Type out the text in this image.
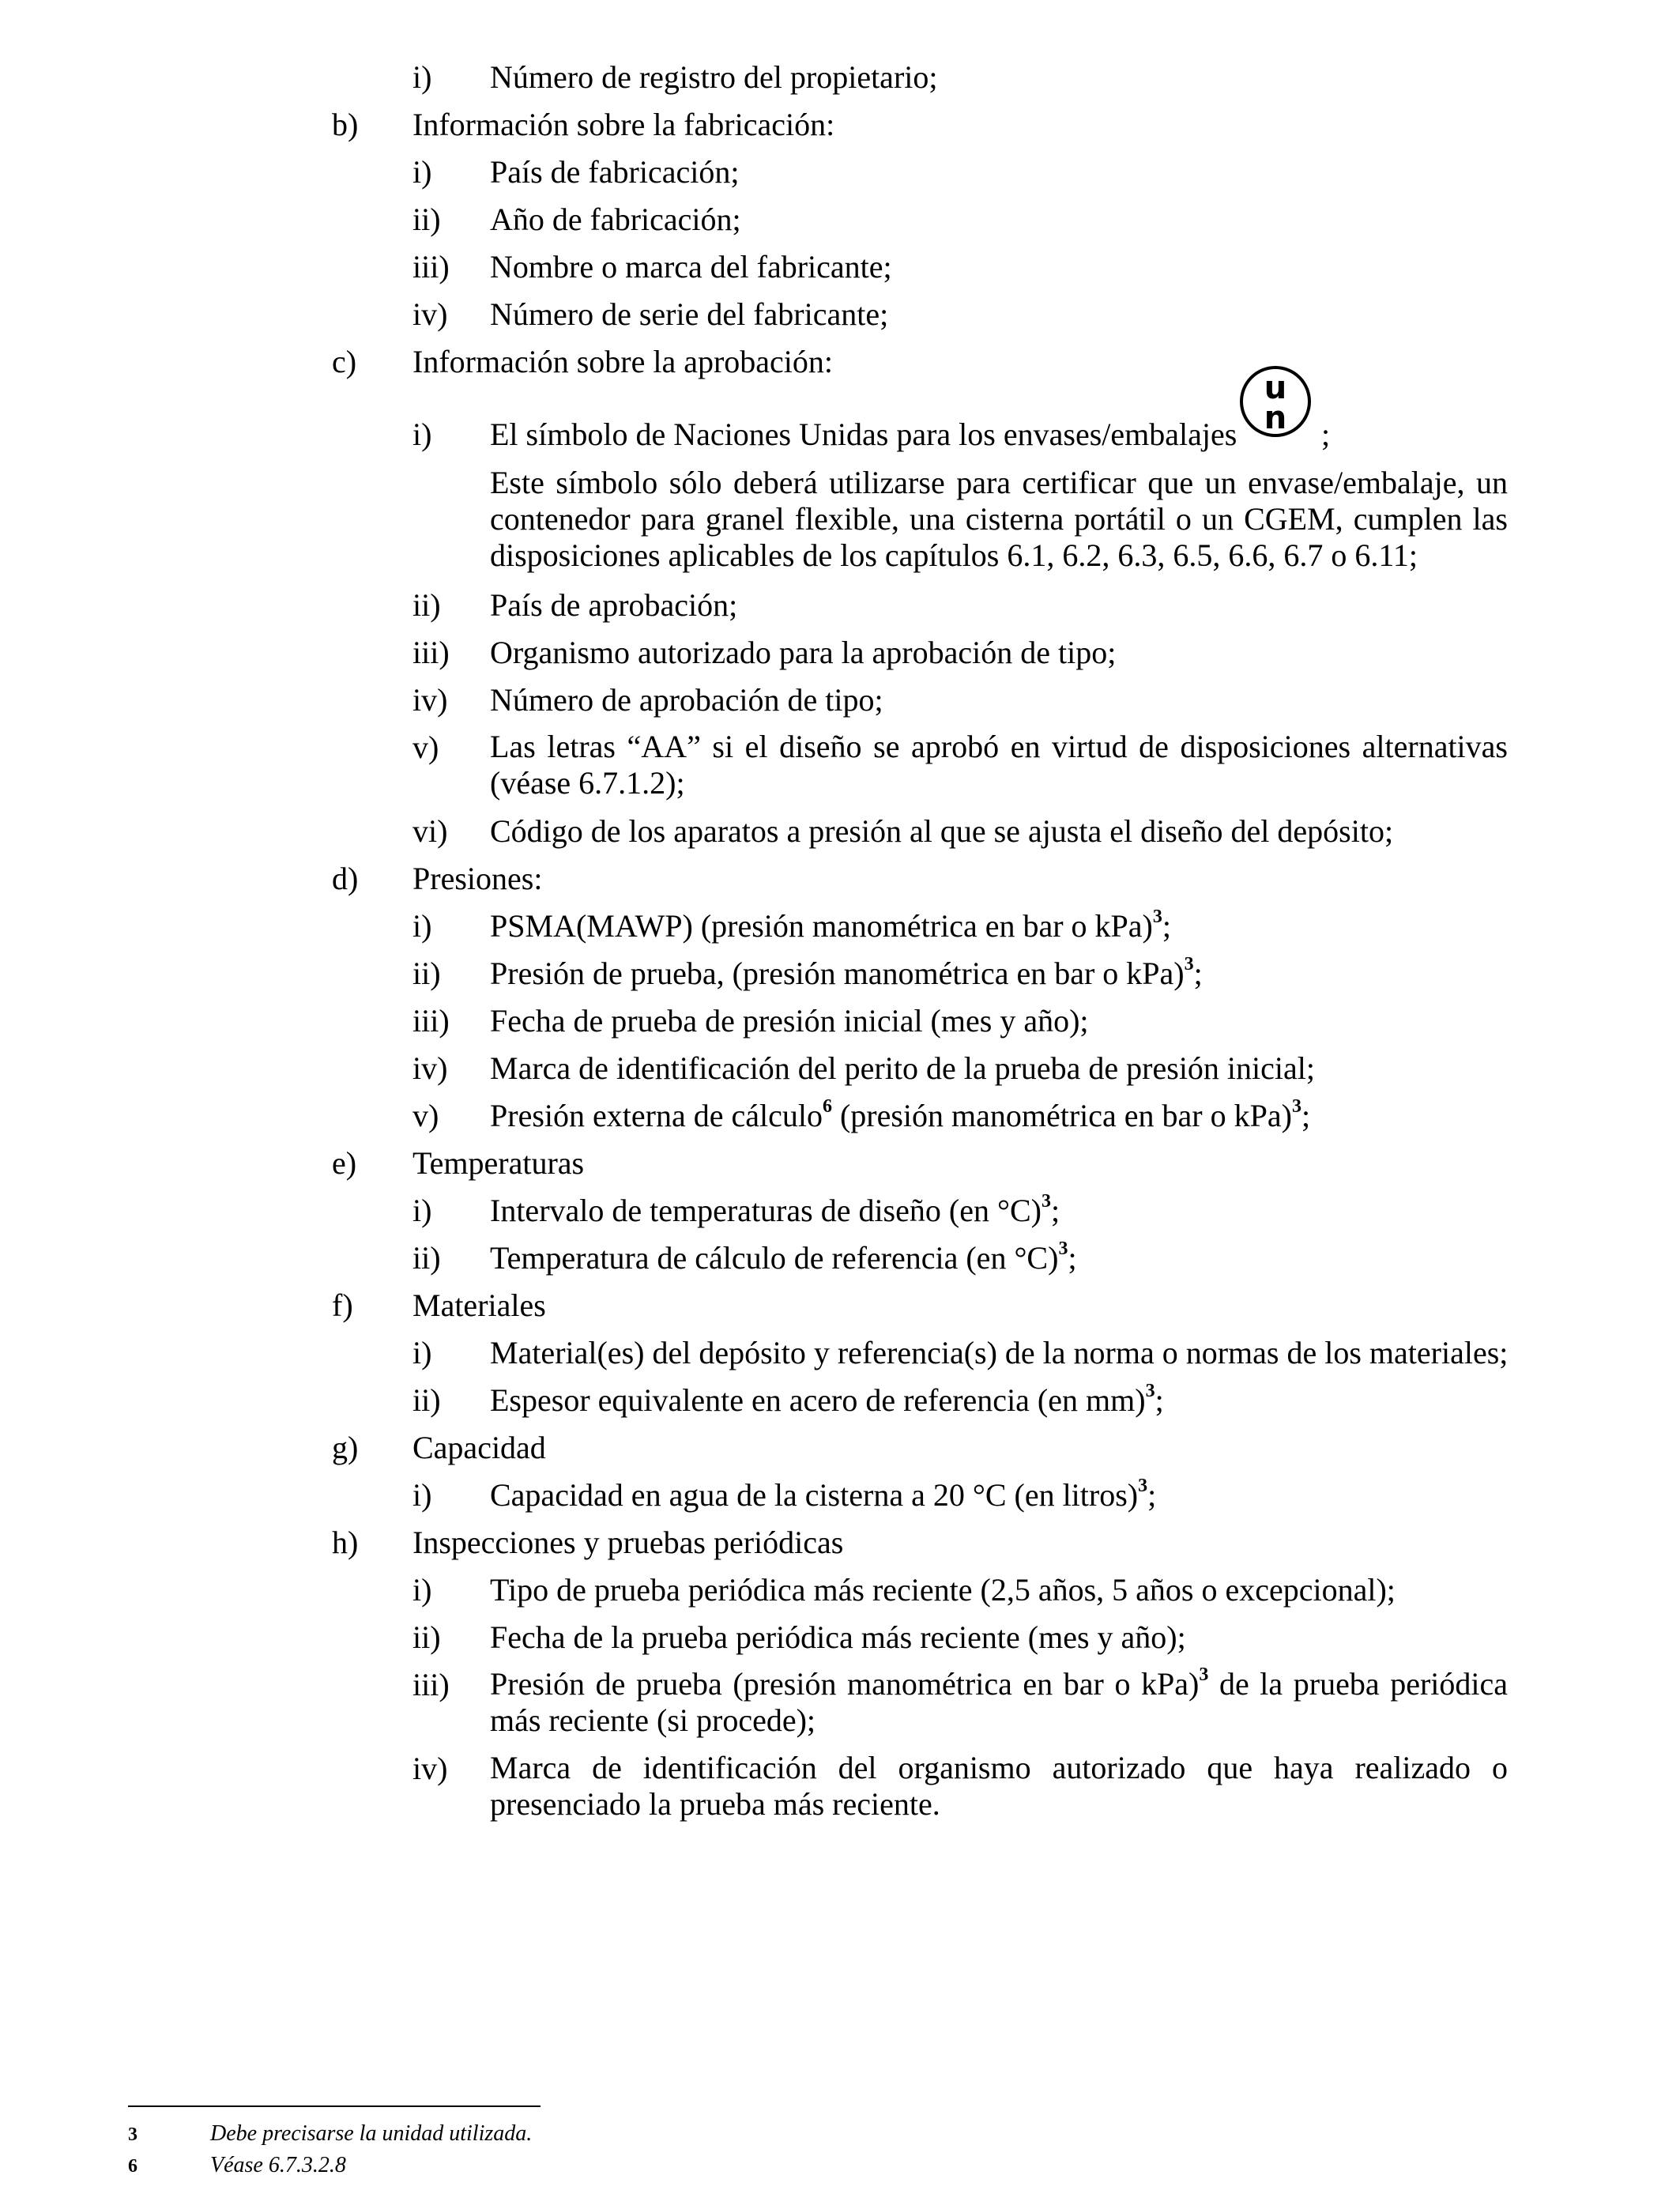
i) Número de registro del propietario;
b) Información sobre la fabricación:
i) País de fabricación;
ii) Año de fabricación;
iii) Nombre o marca del fabricante;
iv) Número de serie del fabricante;
c) Información sobre la aprobación:
i) El símbolo de Naciones Unidas para los envases/embalajes
u
n ;
Este símbolo sólo deberá utilizarse para certificar que un envase/embalaje, un contenedor para granel flexible, una cisterna portátil o un CGEM, cumplen las disposiciones aplicables de los capítulos 6.1, 6.2, 6.3, 6.5, 6.6, 6.7 o 6.11;
ii) País de aprobación;
iii) Organismo autorizado para la aprobación de tipo;
iv) Número de aprobación de tipo;
v) Las letras “AA” si el diseño se aprobó en virtud de disposiciones alternativas (véase 6.7.1.2);
vi) Código de los aparatos a presión al que se ajusta el diseño del depósito;
d) Presiones:
i) PSMA(MAWP) (presión manométrica en bar o kPa)$^3$;
ii) Presión de prueba, (presión manométrica en bar o kPa)$^3$;
iii) Fecha de prueba de presión inicial (mes y año);
iv) Marca de identificación del perito de la prueba de presión inicial;
v) Presión externa de cálculo$^6$ (presión manométrica en bar o kPa)$^3$;
e) Temperaturas
i) Intervalo de temperaturas de diseño (en °C)$^3$;
ii) Temperatura de cálculo de referencia (en °C)$^3$;
f) Materiales
i) Material(es) del depósito y referencia(s) de la norma o normas de los materiales;
ii) Espesor equivalente en acero de referencia (en mm)$^3$;
g) Capacidad
i) Capacidad en agua de la cisterna a 20 °C (en litros)$^3$;
h) Inspecciones y pruebas periódicas
i) Tipo de prueba periódica más reciente (2,5 años, 5 años o excepcional);
ii) Fecha de la prueba periódica más reciente (mes y año);
iii) Presión de prueba (presión manométrica en bar o kPa)$^3$ de la prueba periódica más reciente (si procede);
iv) Marca de identificación del organismo autorizado que haya realizado o presenciado la prueba más reciente.
3	Debe precisarse la unidad utilizada.
6	Véase 6.7.3.2.8
